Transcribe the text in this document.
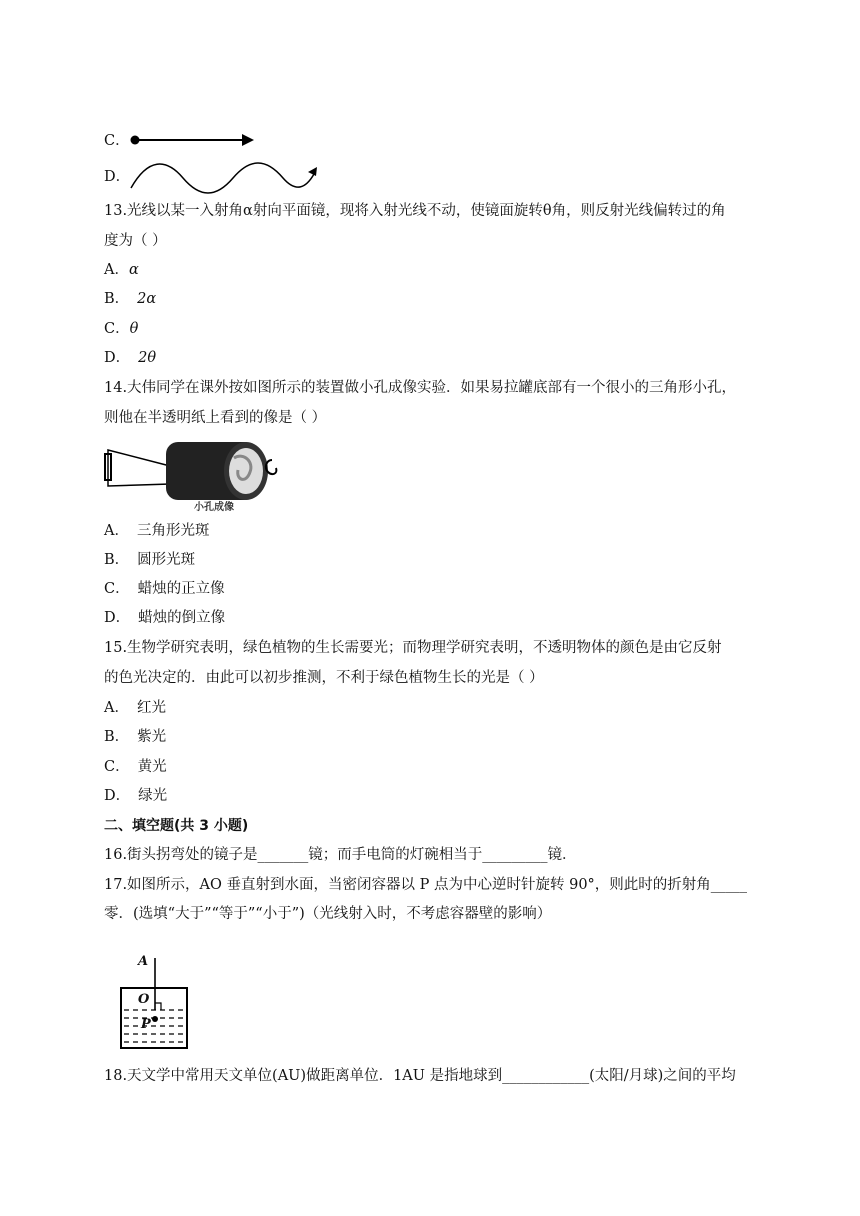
C．
D．
13.光线以某一入射角α射向平面镜，现将入射光线不动，使镜面旋转θ角，则反射光线偏转过的角
度为（ ）
A．α
B． 2α
C．θ
D． 2θ
14.大伟同学在课外按如图所示的装置做小孔成像实验．如果易拉罐底部有一个很小的三角形小孔，
则他在半透明纸上看到的像是（ ）
小孔成像
A． 三角形光斑
B． 圆形光斑
C． 蜡烛的正立像
D． 蜡烛的倒立像
15.生物学研究表明，绿色植物的生长需要光；而物理学研究表明，不透明物体的颜色是由它反射
的色光决定的．由此可以初步推测，不利于绿色植物生长的光是（ ）
A． 红光
B． 紫光
C． 黄光
D． 绿光
二、填空题(共 3 小题)
16.街头拐弯处的镜子是_______镜；而手电筒的灯碗相当于_________镜．
17.如图所示，AO 垂直射到水面，当密闭容器以 P 点为中心逆时针旋转 90°，则此时的折射角_____
零．(选填“大于”“等于”“小于”)（光线射入时，不考虑容器壁的影响）
A
O
P
18.天文学中常用天文单位(AU)做距离单位．1AU 是指地球到____________(太阳/月球)之间的平均
